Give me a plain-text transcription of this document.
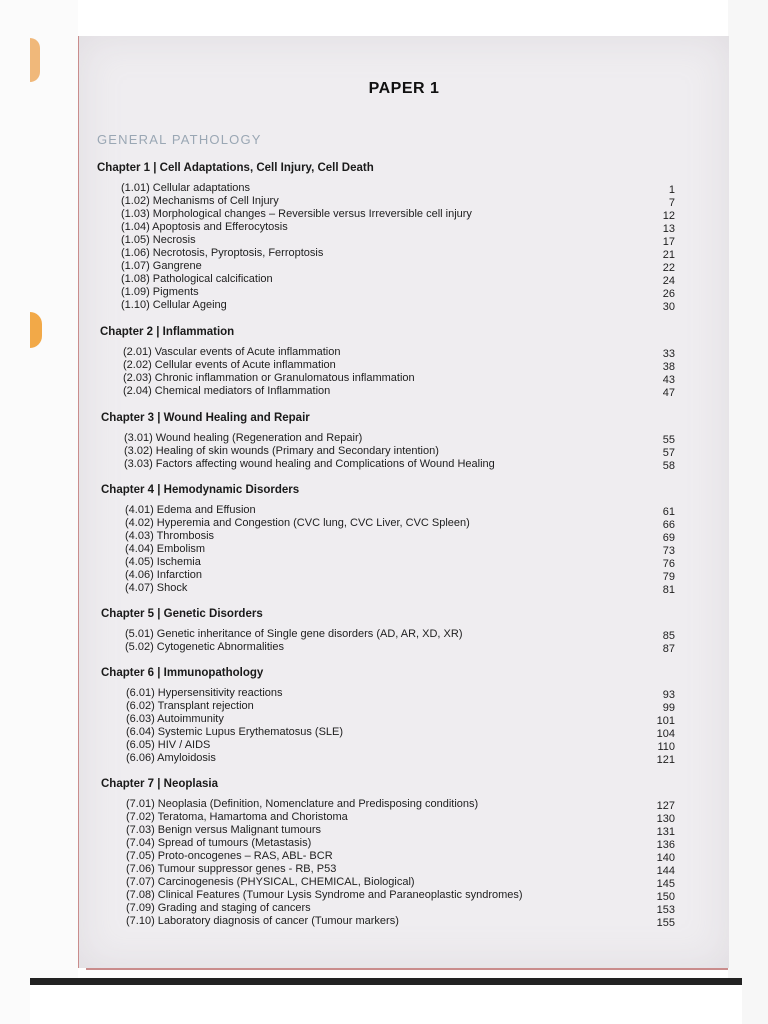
PAPER 1
GENERAL PATHOLOGY
Chapter 1 | Cell Adaptations, Cell Injury, Cell Death
(1.01) Cellular adaptations	1
(1.02) Mechanisms of Cell Injury	7
(1.03) Morphological changes – Reversible versus Irreversible cell injury	12
(1.04) Apoptosis and Efferocytosis	13
(1.05) Necrosis	17
(1.06) Necrotosis, Pyroptosis, Ferroptosis	21
(1.07) Gangrene	22
(1.08) Pathological calcification	24
(1.09) Pigments	26
(1.10) Cellular Ageing	30
Chapter 2 | Inflammation
(2.01) Vascular events of Acute inflammation	33
(2.02) Cellular events of Acute inflammation	38
(2.03) Chronic inflammation or Granulomatous inflammation	43
(2.04) Chemical mediators of Inflammation	47
Chapter 3 | Wound Healing and Repair
(3.01) Wound healing (Regeneration and Repair)	55
(3.02) Healing of skin wounds (Primary and Secondary intention)	57
(3.03) Factors affecting wound healing and Complications of Wound Healing	58
Chapter 4 | Hemodynamic Disorders
(4.01) Edema and Effusion	61
(4.02) Hyperemia and Congestion (CVC lung, CVC Liver, CVC Spleen)	66
(4.03) Thrombosis	69
(4.04) Embolism	73
(4.05) Ischemia	76
(4.06) Infarction	79
(4.07) Shock	81
Chapter 5 | Genetic Disorders
(5.01) Genetic inheritance of Single gene disorders (AD, AR, XD, XR)	85
(5.02) Cytogenetic Abnormalities	87
Chapter 6 | Immunopathology
(6.01) Hypersensitivity reactions	93
(6.02) Transplant rejection	99
(6.03) Autoimmunity	101
(6.04) Systemic Lupus Erythematosus (SLE)	104
(6.05) HIV / AIDS	110
(6.06) Amyloidosis	121
Chapter 7 | Neoplasia
(7.01) Neoplasia (Definition, Nomenclature and Predisposing conditions)	127
(7.02) Teratoma, Hamartoma and Choristoma	130
(7.03) Benign versus Malignant tumours	131
(7.04) Spread of tumours (Metastasis)	136
(7.05) Proto-oncogenes – RAS, ABL- BCR	140
(7.06) Tumour suppressor genes - RB, P53	144
(7.07) Carcinogenesis (PHYSICAL, CHEMICAL, Biological)	145
(7.08) Clinical Features (Tumour Lysis Syndrome and Paraneoplastic syndromes)	150
(7.09) Grading and staging of cancers	153
(7.10) Laboratory diagnosis of cancer (Tumour markers)	155
